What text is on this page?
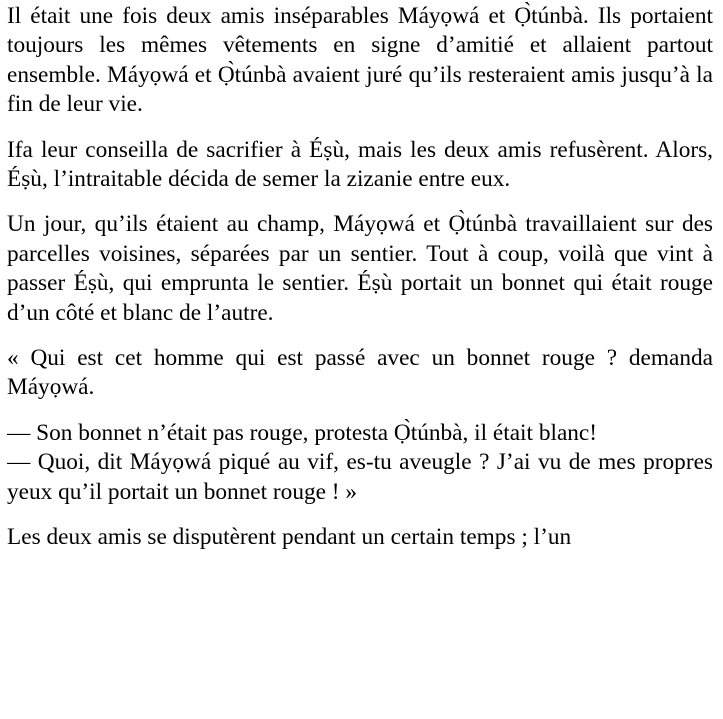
Il était une fois deux amis inséparables Máyọwá et Ọ̀túnbà. Ils portaient toujours les mêmes vêtements en signe d’amitié et allaient partout ensemble. Máyọwá et Ọ̀túnbà avaient juré qu’ils resteraient amis jusqu’à la fin de leur vie.

Ifa leur conseilla de sacrifier à Éṣù, mais les deux amis refusèrent. Alors, Éṣù, l’intraitable décida de semer la zizanie entre eux.

Un jour, qu’ils étaient au champ, Máyọwá et Ọ̀túnbà travaillaient sur des parcelles voisines, séparées par un sentier. Tout à coup, voilà que vint à passer Éṣù, qui emprunta le sentier. Éṣù portait un bonnet qui était rouge d’un côté et blanc de l’autre.

« Qui est cet homme qui est passé avec un bonnet rouge ? demanda Máyọwá.

— Son bonnet n’était pas rouge, protesta Ọ̀túnbà, il était blanc!

— Quoi, dit Máyọwá piqué au vif, es-tu aveugle ? J’ai vu de mes propres yeux qu’il portait un bonnet rouge ! »

Les deux amis se disputèrent pendant un certain temps ; l’un
